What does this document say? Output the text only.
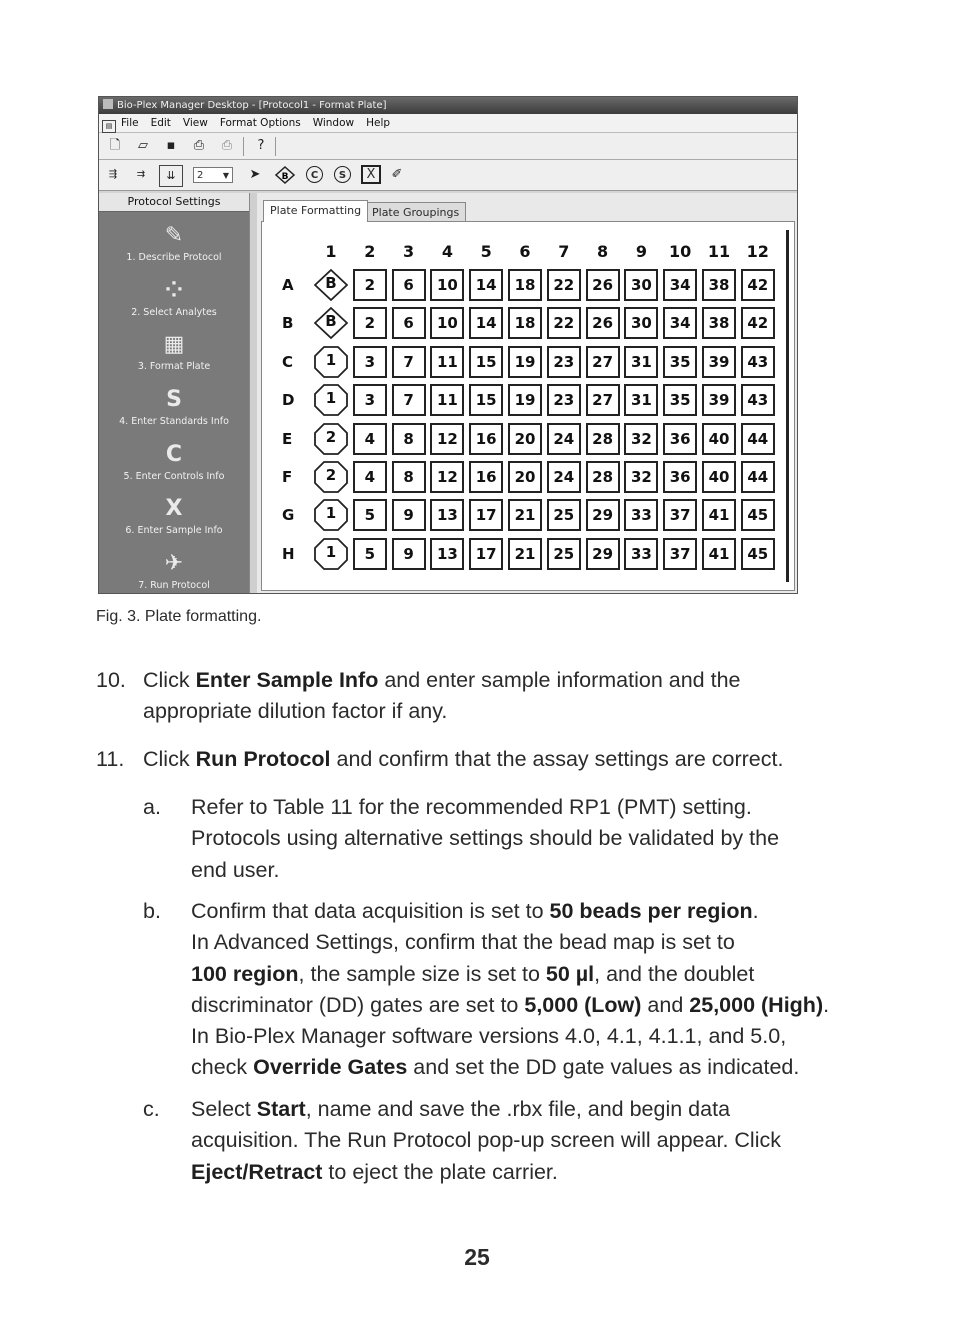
Bio-Plex Manager Desktop - [Protocol1 - Format Plate]
▤ File Edit View Format Options Window Help
🗋 ▱ ▪ ⎙ ⎙	?
⇶	⇉	⇊	2 ▼ ➤ B	C	S	X	✐
Protocol Settings
✎
1. Describe Protocol
⁘
2. Select Analytes
▦
3. Format Plate
S
4. Enter Standards Info
C
5. Enter Controls Info
X
6. Enter Sample Info
✈
7. Run Protocol
Plate Formatting Plate Groupings
1	2	3	4	5	6	7	8	9	10	11	12
A	B	2	6	10	14	18	22	26	30	34	38	42
B	B	2	6	10	14	18	22	26	30	34	38	42
C	1	3	7	11	15	19	23	27	31	35	39	43
D	1	3	7	11	15	19	23	27	31	35	39	43
E	2	4	8	12	16	20	24	28	32	36	40	44
F	2	4	8	12	16	20	24	28	32	36	40	44
G	1	5	9	13	17	21	25	29	33	37	41	45
H	1	5	9	13	17	21	25	29	33	37	41	45
Fig. 3. Plate formatting.
10. Click Enter Sample Info and enter sample information and the
appropriate dilution factor if any.
11. Click Run Protocol and confirm that the assay settings are correct.
a. Refer to Table 11 for the recommended RP1 (PMT) setting.
Protocols using alternative settings should be validated by the
end user.
b. Confirm that data acquisition is set to 50 beads per region.
In Advanced Settings, confirm that the bead map is set to
100 region, the sample size is set to 50 µl, and the doublet
discriminator (DD) gates are set to 5,000 (Low) and 25,000 (High).
In Bio-Plex Manager software versions 4.0, 4.1, 4.1.1, and 5.0,
check Override Gates and set the DD gate values as indicated.
c. Select Start, name and save the .rbx file, and begin data
acquisition. The Run Protocol pop-up screen will appear. Click
Eject/Retract to eject the plate carrier.
25
